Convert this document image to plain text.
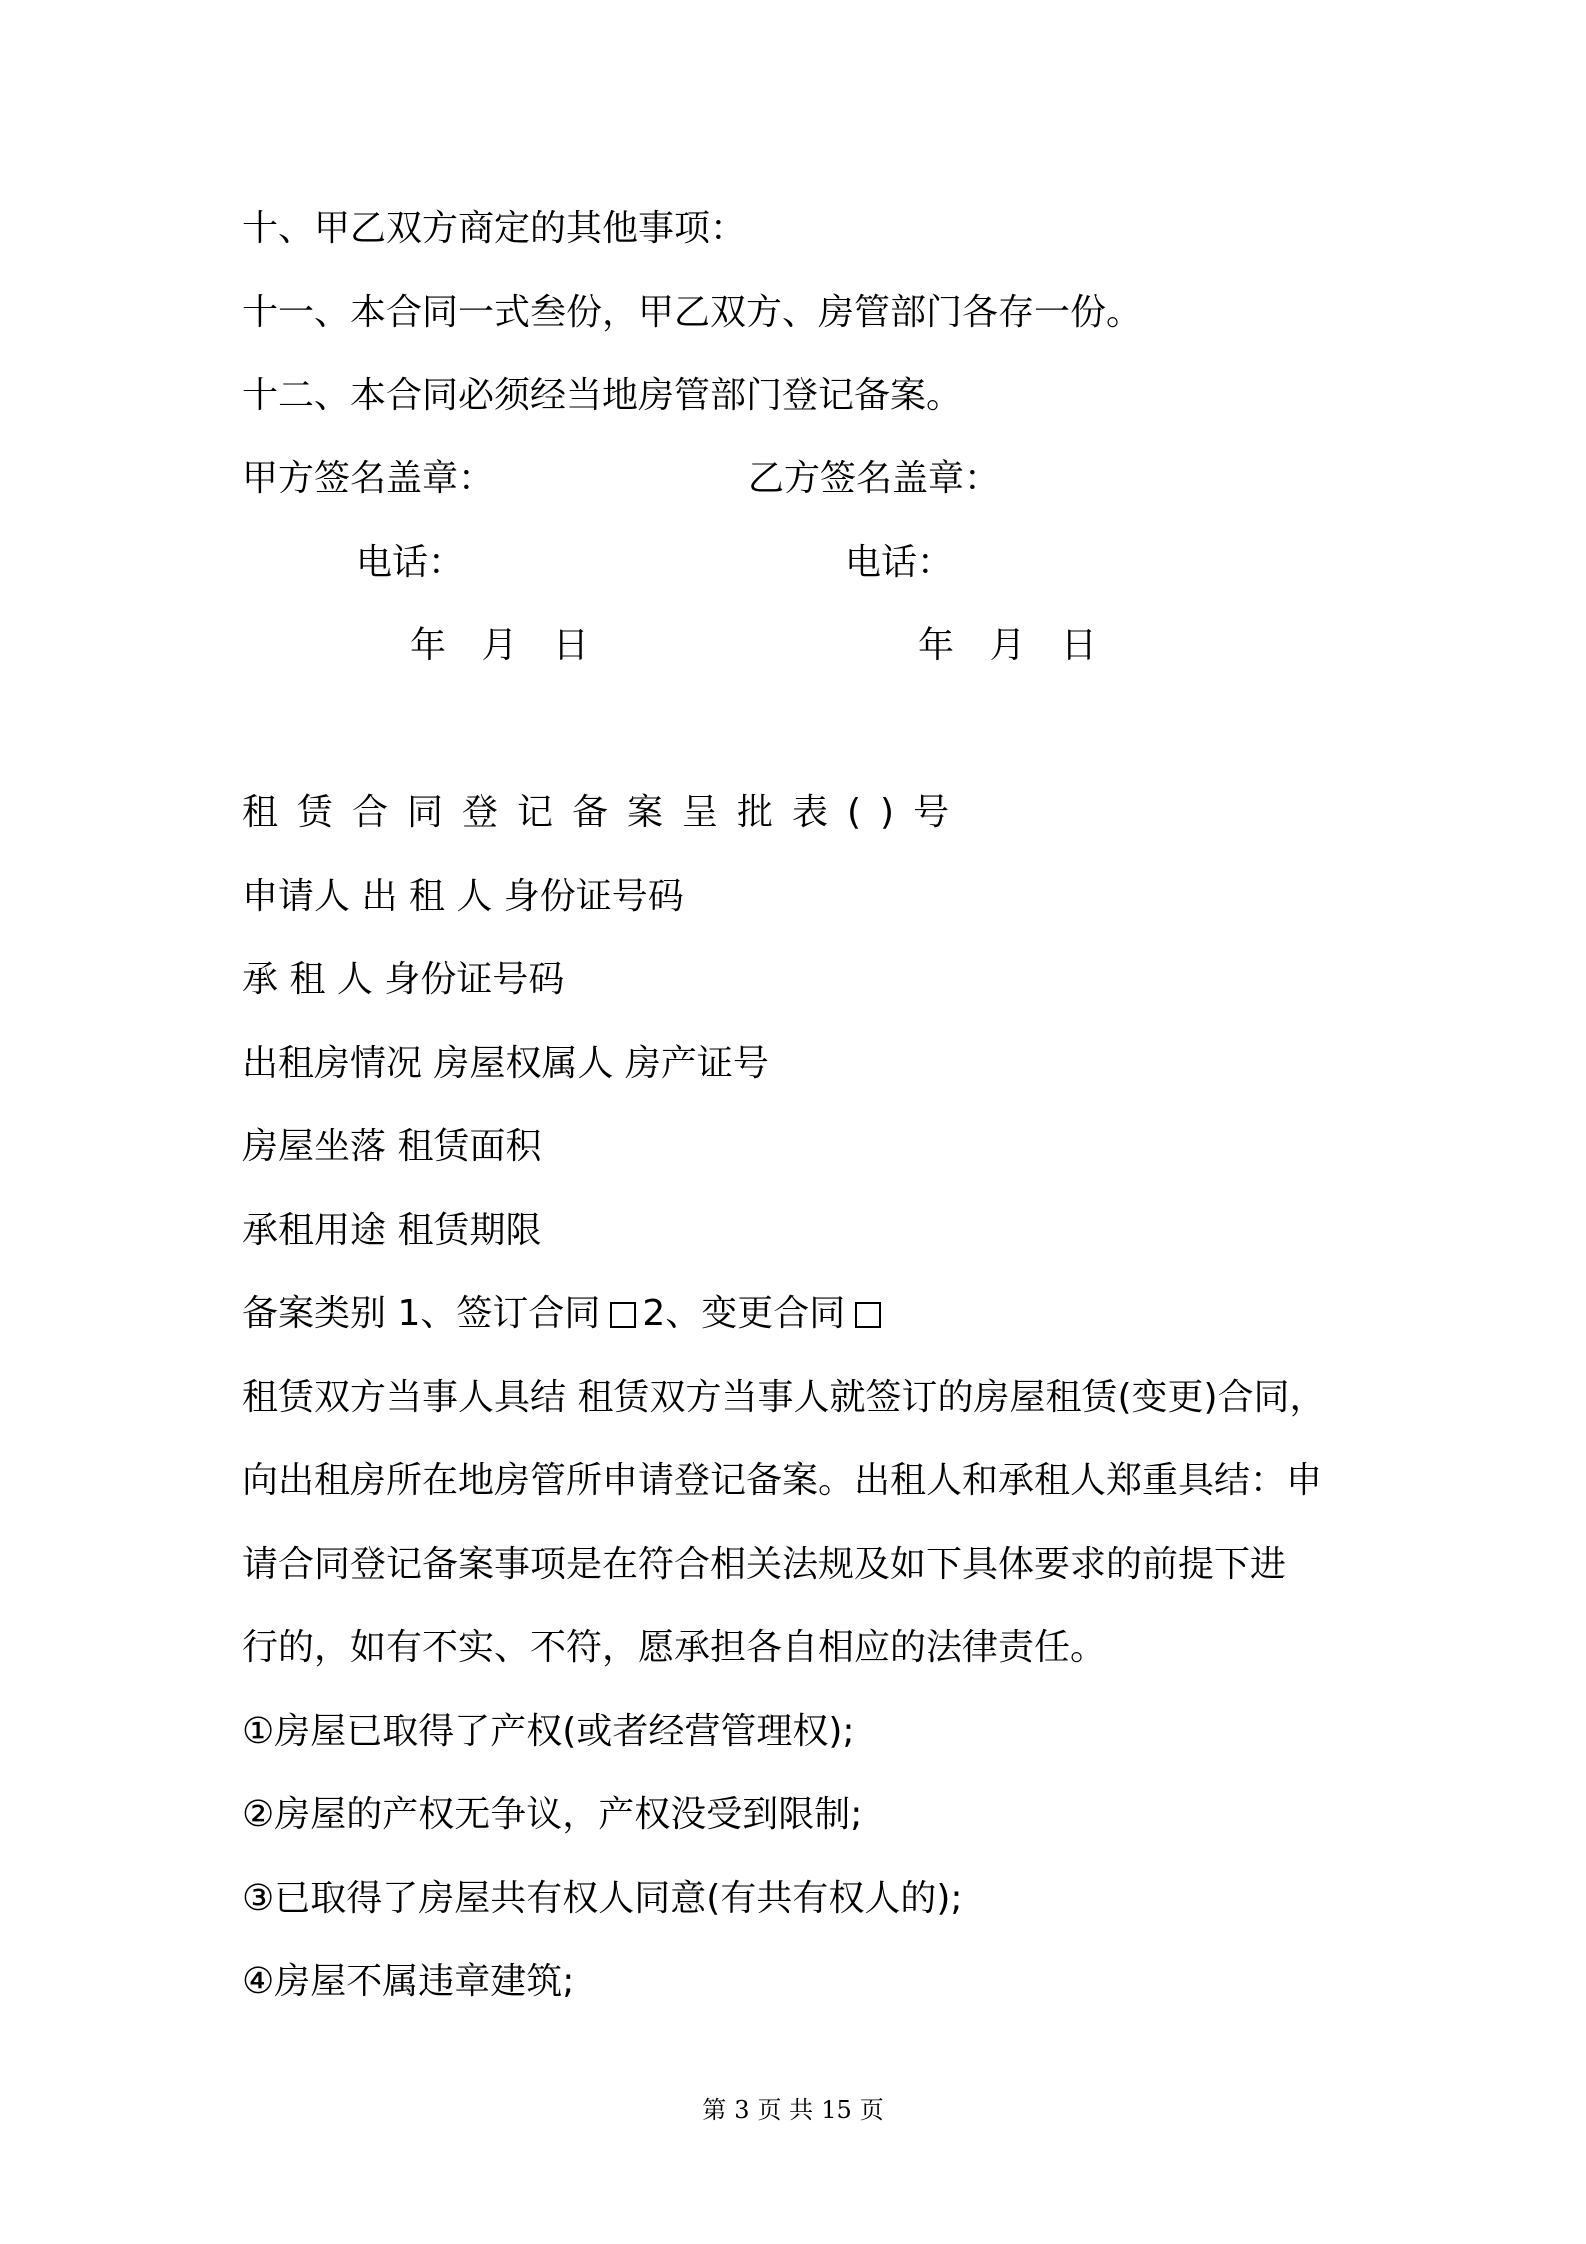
十、甲乙双方商定的其他事项：
十一、本合同一式叁份，甲乙双方、房管部门各存一份。
十二、本合同必须经当地房管部门登记备案。
甲方签名盖章：	乙方签名盖章：
电话：	电话：
年 月 日	年 月 日
租赁合同登记备案呈批表()号
申请人 出 租 人 身份证号码
承 租 人 身份证号码
出租房情况 房屋权属人 房产证号
房屋坐落 租赁面积
承租用途 租赁期限
备案类别 1、签订合同 2、变更合同
租赁双方当事人具结 租赁双方当事人就签订的房屋租赁(变更)合同，
向出租房所在地房管所申请登记备案。出租人和承租人郑重具结：申
请合同登记备案事项是在符合相关法规及如下具体要求的前提下进
行的，如有不实、不符，愿承担各自相应的法律责任。
①房屋已取得了产权(或者经营管理权);
②房屋的产权无争议，产权没受到限制;
③已取得了房屋共有权人同意(有共有权人的);
④房屋不属违章建筑;
第 3 页 共 15 页
